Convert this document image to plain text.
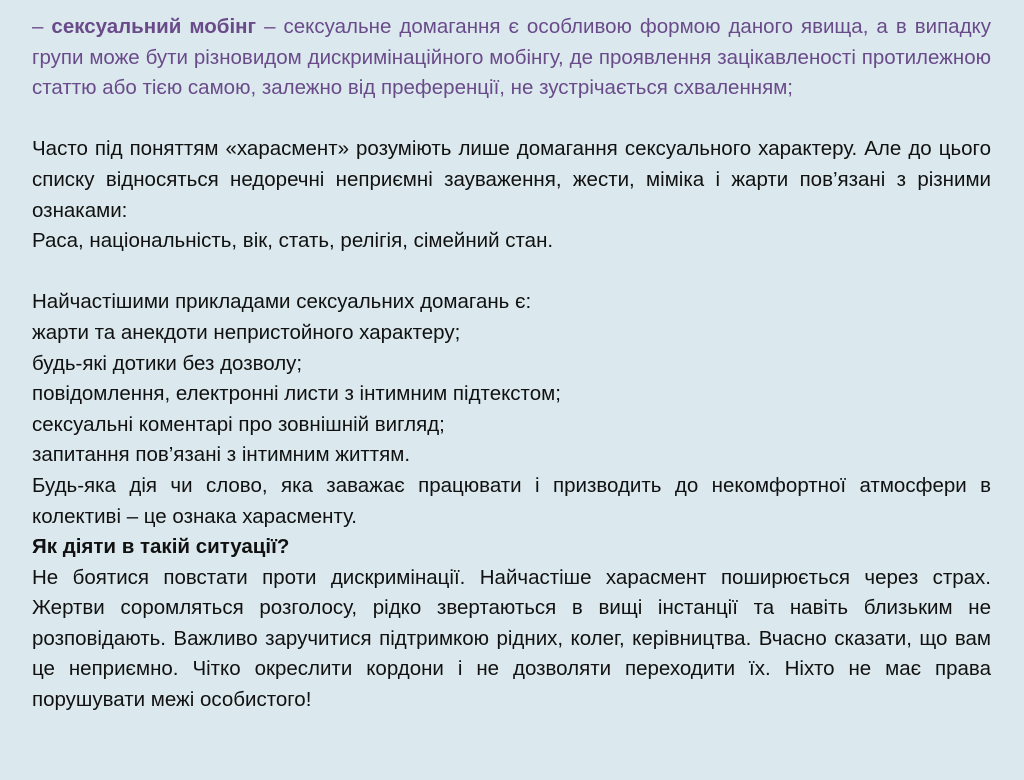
– сексуальний мобінг – сексуальне домагання є особливою формою даного явища, а в випадку групи може бути різновидом дискримінаційного мобінгу, де проявлення зацікавленості протилежною статтю або тією самою, залежно від преференції, не зустрічається схваленням;

Часто під поняттям «харасмент» розуміють лише домагання сексуального характеру. Але до цього списку відносяться недоречні неприємні зауваження, жести, міміка і жарти пов’язані з різними ознаками:

Раса, національність, вік, стать, релігія, сімейний стан.

Найчастішими прикладами сексуальних домагань є:
жарти та анекдоти непристойного характеру;
будь-які дотики без дозволу;
повідомлення, електронні листи з інтимним підтекстом;
сексуальні коментарі про зовнішній вигляд;
запитання пов’язані з інтимним життям.

Будь-яка дія чи слово, яка заважає працювати і призводить до некомфортної атмосфери в колективі – це ознака харасменту.

Як діяти в такій ситуації?

Не боятися повстати проти дискримінації. Найчастіше харасмент поширюється через страх. Жертви соромляться розголосу, рідко звертаються в вищі інстанції та навіть близьким не розповідають. Важливо заручитися підтримкою рідних, колег, керівництва. Вчасно сказати, що вам це неприємно. Чітко окреслити кордони і не дозволяти переходити їх. Ніхто не має права порушувати межі особистого!
